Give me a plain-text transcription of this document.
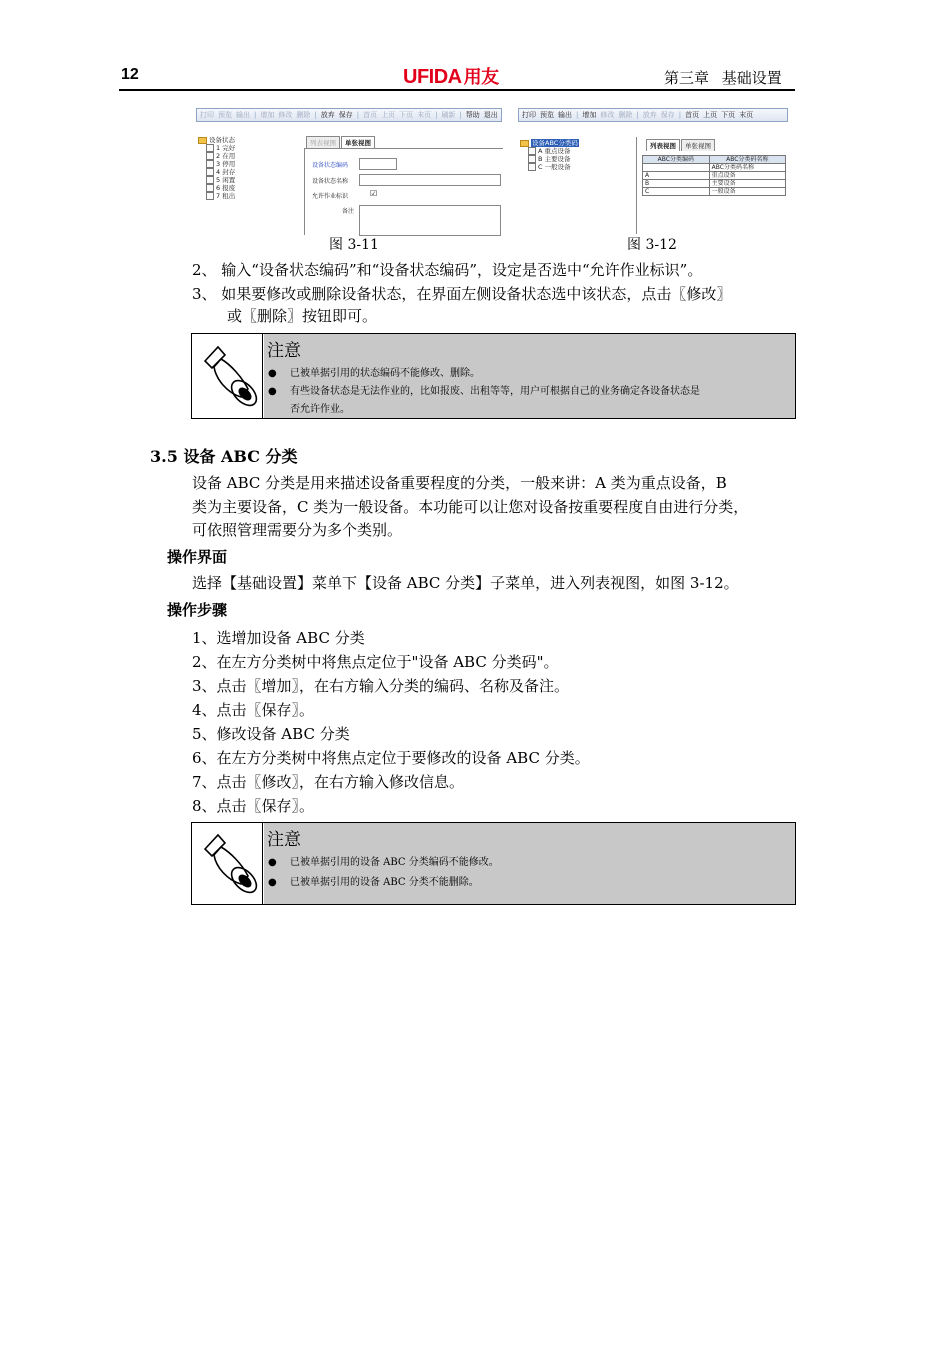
12	UFIDA 用友	第三章 基础设置
打印 预览 输出 | 增加 修改 删除 | 放弃 保存 | 首页 上页 下页 末页 | 刷新 | 帮助 退出
设备状态
1 完好
2 在用
3 停用
4 封存
5 闲置
6 报废
7 租出
列表视图 单张视图
设备状态编码
设备状态名称
允许作业标识	☑
备注
打印 预览 输出 | 增加 修改 删除 | 放弃 保存 | 首页 上页 下页 末页
设备ABC分类码
A 重点设备
B 主要设备
C 一般设备
列表视图 单张视图
ABC分类编码	ABC分类码名称
	ABC分类码名称
A	重点设备
B	主要设备
C	一般设备
图 3-11	图 3-12
2、 输入“设备状态编码”和“设备状态编码”，设定是否选中“允许作业标识”。
3、 如果要修改或删除设备状态，在界面左侧设备状态选中该状态，点击〖修改〗
或〖删除〗按钮即可。
注意
● 已被单据引用的状态编码不能修改、删除。
● 有些设备状态是无法作业的，比如报废、出租等等，用户可根据自己的业务确定各设备状态是
否允许作业。
3.5 设备 ABC 分类
设备 ABC 分类是用来描述设备重要程度的分类，一般来讲：A 类为重点设备，B
类为主要设备，C 类为一般设备。本功能可以让您对设备按重要程度自由进行分类，
可依照管理需要分为多个类别。
操作界面
选择【基础设置】菜单下【设备 ABC 分类】子菜单，进入列表视图，如图 3-12。
操作步骤
1、选增加设备 ABC 分类
2、在左方分类树中将焦点定位于"设备 ABC 分类码"。
3、点击〖增加〗，在右方输入分类的编码、名称及备注。
4、点击〖保存〗。
5、修改设备 ABC 分类
6、在左方分类树中将焦点定位于要修改的设备 ABC 分类。
7、点击〖修改〗，在右方输入修改信息。
8、点击〖保存〗。
注意
● 已被单据引用的设备 ABC 分类编码不能修改。
● 已被单据引用的设备 ABC 分类不能删除。
